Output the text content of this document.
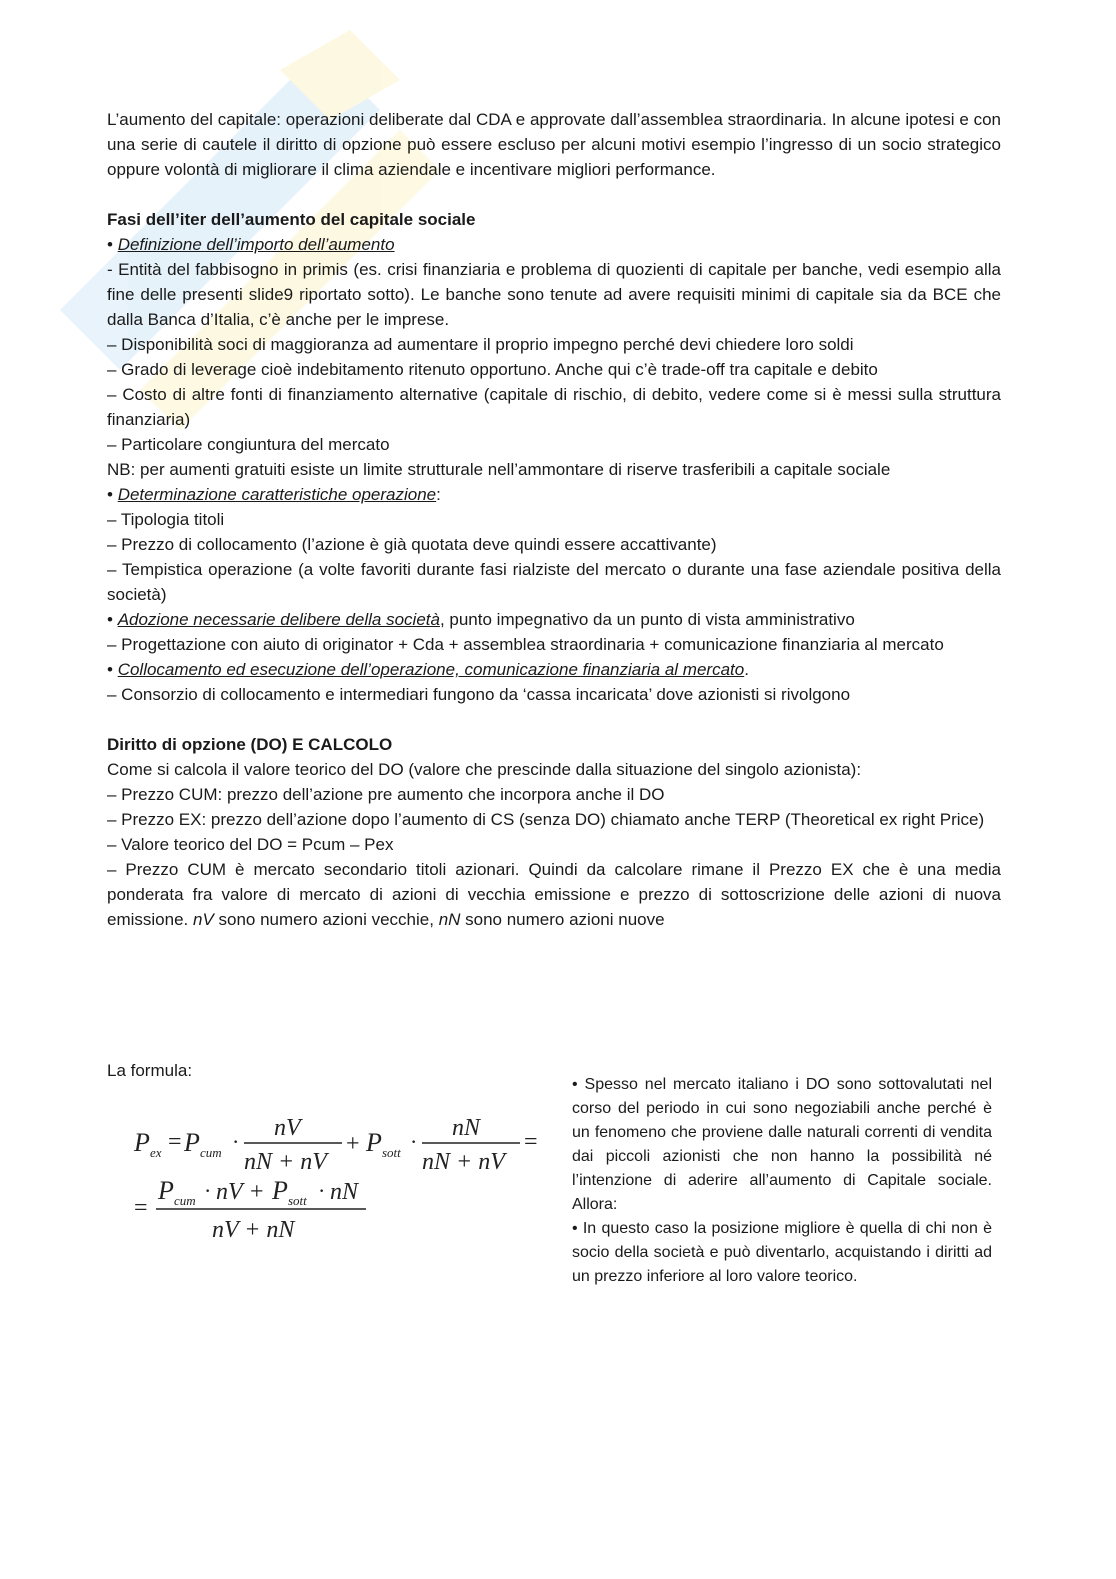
L’aumento del capitale: operazioni deliberate dal CDA e approvate dall’assemblea straordinaria. In alcune ipotesi e con una serie di cautele il diritto di opzione può essere escluso per alcuni motivi esempio l’ingresso di un socio strategico oppure volontà di migliorare il clima aziendale e incentivare migliori performance.

Fasi dell’iter dell’aumento del capitale sociale
• Definizione dell’importo dell’aumento

- Entità del fabbisogno in primis (es. crisi finanziaria e problema di quozienti di capitale per banche, vedi esempio alla fine delle presenti slide9 riportato sotto). Le banche sono tenute ad avere requisiti minimi di capitale sia da BCE che dalla Banca d’Italia, c’è anche per le imprese.

– Disponibilità soci di maggioranza ad aumentare il proprio impegno perché devi chiedere loro soldi

– Grado di leverage cioè indebitamento ritenuto opportuno. Anche qui c’è trade-off tra capitale e debito

– Costo di altre fonti di finanziamento alternative (capitale di rischio, di debito, vedere come si è messi sulla struttura finanziaria)

– Particolare congiuntura del mercato

NB: per aumenti gratuiti esiste un limite strutturale nell’ammontare di riserve trasferibili a capitale sociale

• Determinazione caratteristiche operazione:

– Tipologia titoli

– Prezzo di collocamento (l’azione è già quotata deve quindi essere accattivante)

– Tempistica operazione (a volte favoriti durante fasi rialziste del mercato o durante una fase aziendale positiva della società)

• Adozione necessarie delibere della società, punto impegnativo da un punto di vista amministrativo

– Progettazione con aiuto di originator + Cda + assemblea straordinaria + comunicazione finanziaria al mercato

• Collocamento ed esecuzione dell’operazione, comunicazione finanziaria al mercato.

– Consorzio di collocamento e intermediari fungono da ‘cassa incaricata’ dove azionisti si rivolgono

Diritto di opzione (DO) E CALCOLO

Come si calcola il valore teorico del DO (valore che prescinde dalla situazione del singolo azionista):

– Prezzo CUM: prezzo dell’azione pre aumento che incorpora anche il DO

– Prezzo EX: prezzo dell’azione dopo l’aumento di CS (senza DO) chiamato anche TERP (Theoretical ex right Price)

– Valore teorico del DO = Pcum – Pex

– Prezzo CUM è mercato secondario titoli azionari. Quindi da calcolare rimane il Prezzo EX che è una media ponderata fra valore di mercato di azioni di vecchia emissione e prezzo di sottoscrizione delle azioni di nuova emissione. nV sono numero azioni vecchie, nN sono numero azioni nuove

La formula:
P ex = P cum ·
nV
nN + nV
+ P sott ·
nN
nN + nV
=
=
P cum · nV + P sott · nN
nV + nN

• Spesso nel mercato italiano i DO sono sottovalutati nel corso del periodo in cui sono negoziabili anche perché è un fenomeno che proviene dalle naturali correnti di vendita dai piccoli azionisti che non hanno la possibilità né l’intenzione di aderire all’aumento di Capitale sociale. Allora:

• In questo caso la posizione migliore è quella di chi non è socio della società e può diventarlo, acquistando i diritti ad un prezzo inferiore al loro valore teorico.
